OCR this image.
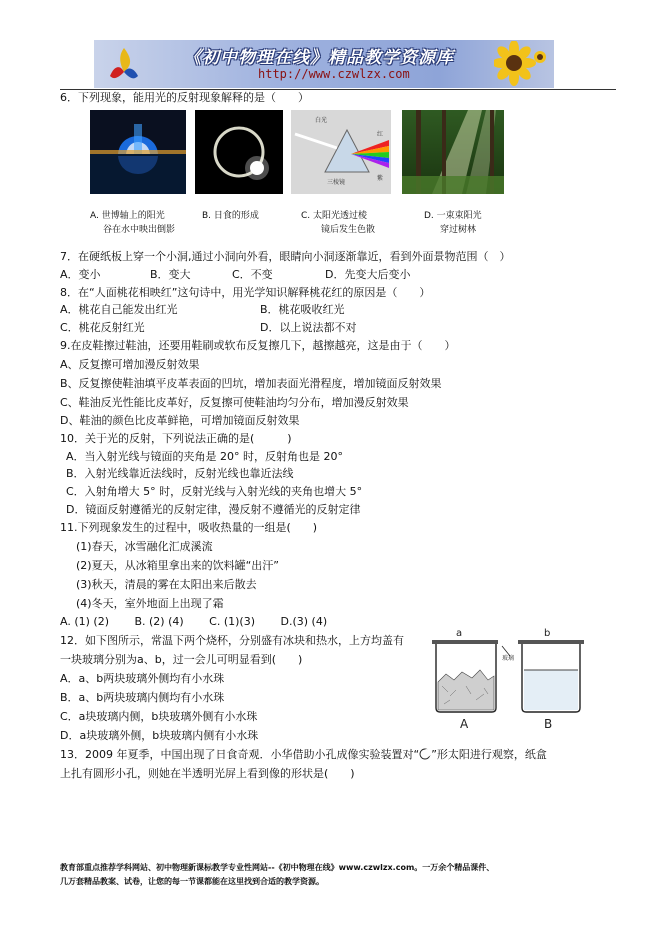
《初中物理在线》精品教学资源库
http://www.czwlzx.com
6．下列现象，能用光的反射现象解释的是（　　）
白光
红
三棱镜
紫
A. 世博轴上的阳光
谷在水中映出倒影
B. 日食的形成	C. 太阳光透过棱
镜后发生色散
D. 一束束阳光
穿过树林
7．在硬纸板上穿一个小洞,通过小洞向外看，眼睛向小洞逐渐靠近，看到外面景物范围（　）
A．变小	B．变大	C．不变	D．先变大后变小
8．在“人面桃花相映红”这句诗中，用光学知识解释桃花红的原因是（　　）
A．桃花自己能发出红光	B．桃花吸收红光
C．桃花反射红光	D．以上说法都不对
9.在皮鞋擦过鞋油，还要用鞋刷或软布反复擦几下，越擦越亮，这是由于（　　）
A、反复擦可增加漫反射效果
B、反复擦使鞋油填平皮革表面的凹坑，增加表面光滑程度，增加镜面反射效果
C、鞋油反光性能比皮革好，反复擦可使鞋油均匀分布，增加漫反射效果
D、鞋油的颜色比皮革鲜艳，可增加镜面反射效果
10．关于光的反射，下列说法正确的是(　　　)
A．当入射光线与镜面的夹角是 20° 时，反射角也是 20°
B．入射光线靠近法线时，反射光线也靠近法线
C．入射角增大 5° 时，反射光线与入射光线的夹角也增大 5°
D．镜面反射遵循光的反射定律，漫反射不遵循光的反射定律
11.下列现象发生的过程中，吸收热量的一组是(　　)
(1)春天，冰雪融化汇成溪流
(2)夏天，从冰箱里拿出来的饮料罐“出汗”
(3)秋天，清晨的雾在太阳出来后散去
(4)冬天，室外地面上出现了霜
A. (1) (2)　　 B. (2) (4)　　 C. (1)(3)　　 D.(3) (4)
12．如下图所示，常温下两个烧杯，分别盛有冰块和热水，上方均盖有
一块玻璃分别为a、b，过一会儿可明显看到(　　)
A．a、b两块玻璃外侧均有小水珠
B．a、b两块玻璃内侧均有小水珠
C．a块玻璃内侧，b块玻璃外侧有小水珠
D．a块玻璃外侧，b块玻璃内侧有小水珠
a	b
A	B
玻璃
13．2009 年夏季，中国出现了日食奇观．小华借助小孔成像实验装置对“ ”形太阳进行观察，纸盒
上扎有圆形小孔，则她在半透明光屏上看到像的形状是(　　)
教育部重点推荐学科网站、初中物理新课标教学专业性网站--《初中物理在线》www.czwlzx.com。一万余个精品课件、
几万套精品教案、试卷，让您的每一节课都能在这里找到合适的教学资源。
